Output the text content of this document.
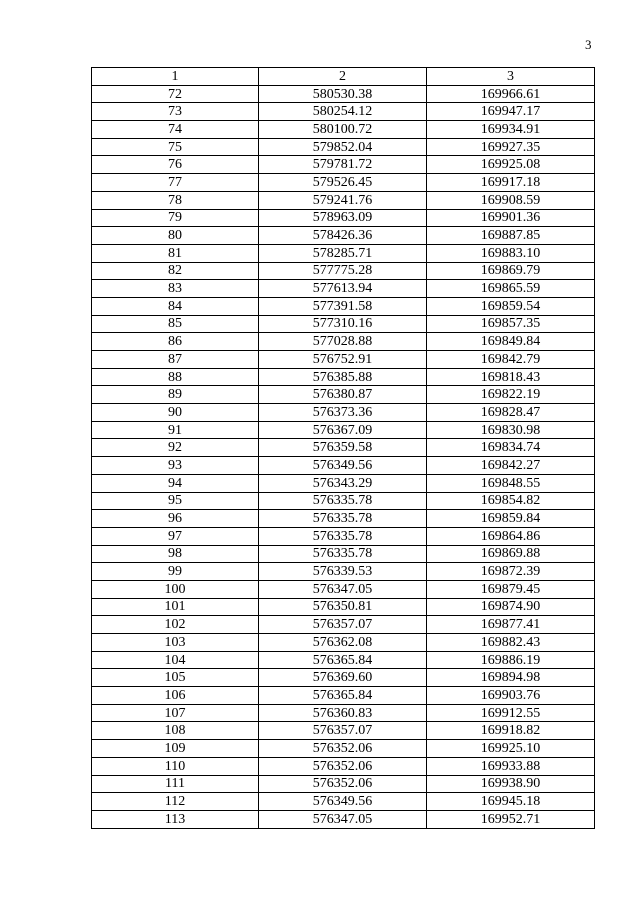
3
1	2	3
72	580530.38	169966.61
73	580254.12	169947.17
74	580100.72	169934.91
75	579852.04	169927.35
76	579781.72	169925.08
77	579526.45	169917.18
78	579241.76	169908.59
79	578963.09	169901.36
80	578426.36	169887.85
81	578285.71	169883.10
82	577775.28	169869.79
83	577613.94	169865.59
84	577391.58	169859.54
85	577310.16	169857.35
86	577028.88	169849.84
87	576752.91	169842.79
88	576385.88	169818.43
89	576380.87	169822.19
90	576373.36	169828.47
91	576367.09	169830.98
92	576359.58	169834.74
93	576349.56	169842.27
94	576343.29	169848.55
95	576335.78	169854.82
96	576335.78	169859.84
97	576335.78	169864.86
98	576335.78	169869.88
99	576339.53	169872.39
100	576347.05	169879.45
101	576350.81	169874.90
102	576357.07	169877.41
103	576362.08	169882.43
104	576365.84	169886.19
105	576369.60	169894.98
106	576365.84	169903.76
107	576360.83	169912.55
108	576357.07	169918.82
109	576352.06	169925.10
110	576352.06	169933.88
111	576352.06	169938.90
112	576349.56	169945.18
113	576347.05	169952.71
